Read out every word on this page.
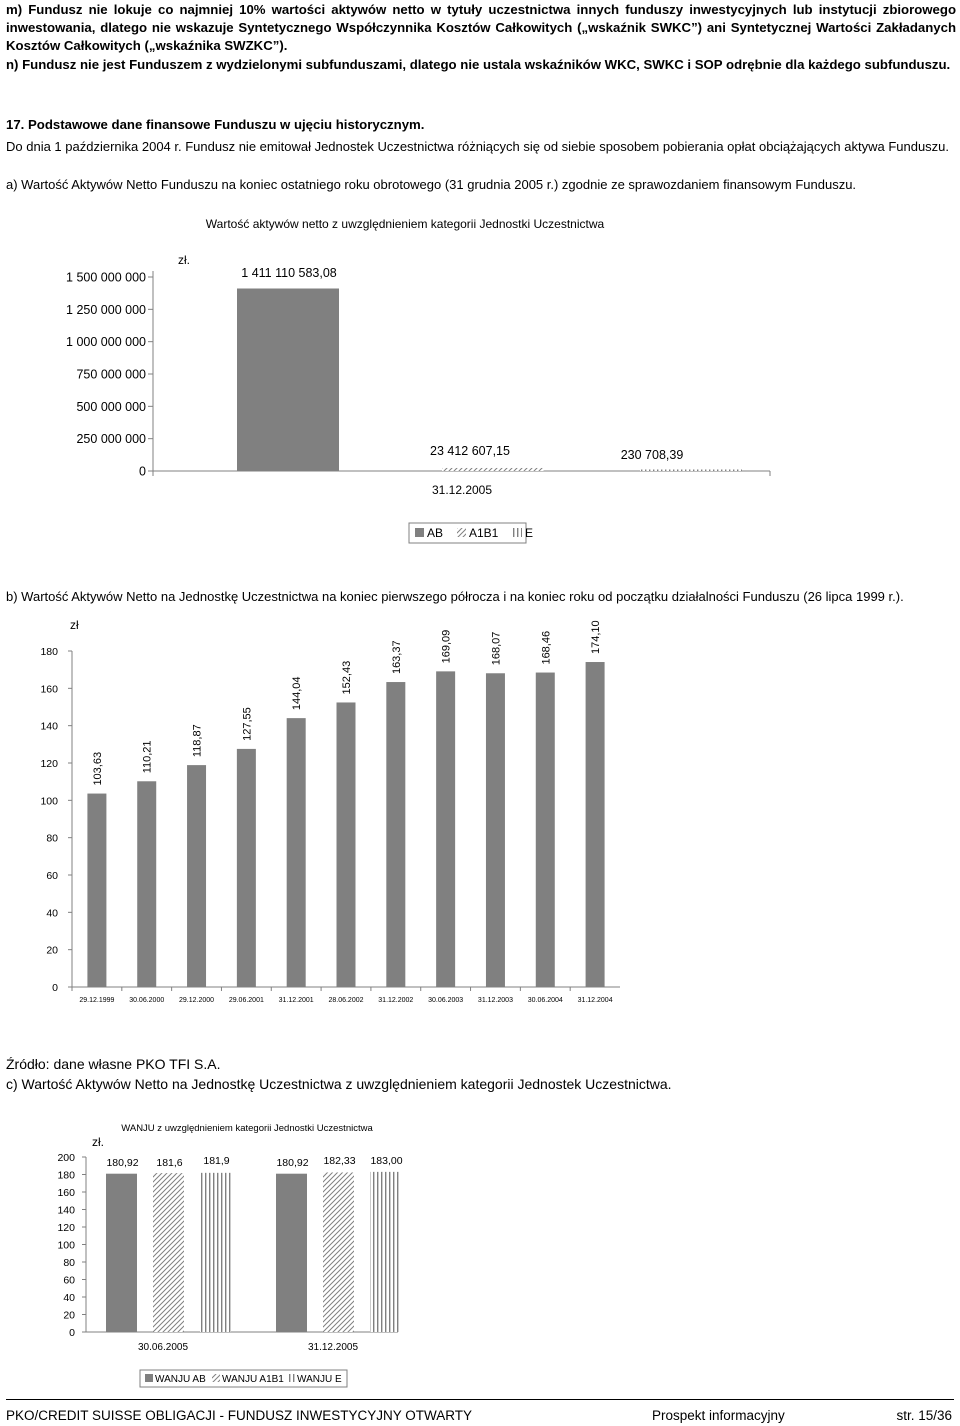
m) Fundusz nie lokuje co najmniej 10% wartości aktywów netto w tytuły uczestnictwa innych funduszy inwestycyjnych lub instytucji zbiorowego inwestowania, dlatego nie wskazuje Syntetycznego Współczynnika Kosztów Całkowitych („wskaźnik SWKC”) ani Syntetycznej Wartości Zakładanych Kosztów Całkowitych („wskaźnika SWZKC”).
n) Fundusz nie jest Funduszem z wydzielonymi subfunduszami, dlatego nie ustala wskaźników WKC, SWKC i SOP odrębnie dla każdego subfunduszu.
17. Podstawowe dane finansowe Funduszu w ujęciu historycznym.
Do dnia 1 października 2004 r. Fundusz nie emitował Jednostek Uczestnictwa różniących się od siebie sposobem pobierania opłat obciążających aktywa Funduszu.
a) Wartość Aktywów Netto Funduszu na koniec ostatniego roku obrotowego (31 grudnia 2005 r.) zgodnie ze sprawozdaniem finansowym Funduszu.
Wartość aktywów netto z uwzględnieniem kategorii Jednostki Uczestnictwa
zł.
0
250 000 000
500 000 000
750 000 000
1 000 000 000
1 250 000 000
1 500 000 000	1 411 110 583,08
23 412 607,15	230 708,39
31.12.2005
AB A1B1 E
b) Wartość Aktywów Netto na Jednostkę Uczestnictwa na koniec pierwszego półrocza i na koniec roku od początku działalności Funduszu (26 lipca 1999 r.).
zł
0
20
40
60
80
100
120
140
160
180
103,63
29.12.1999
110,21
30.06.2000
118,87
29.12.2000
127,55
29.06.2001
144,04
31.12.2001
152,43
28.06.2002
163,37
31.12.2002
169,09
30.06.2003
168,07
31.12.2003
168,46
30.06.2004
174,10
31.12.2004
Źródło: dane własne PKO TFI S.A.
c) Wartość Aktywów Netto na Jednostkę Uczestnictwa z uwzględnieniem kategorii Jednostek Uczestnictwa.
WANJU z uwzględnieniem kategorii Jednostki Uczestnictwa
zł.
0
20
40
60
80
100
120
140
160
180
200	180,92 181,6 181,9
30.06.2005
180,92 182,33 183,00
31.12.2005
WANJU AB WANJU A1B1 WANJU E
PKO/CREDIT SUISSE OBLIGACJI - FUNDUSZ INWESTYCYJNY OTWARTY	Prospekt informacyjny	str. 15/36
